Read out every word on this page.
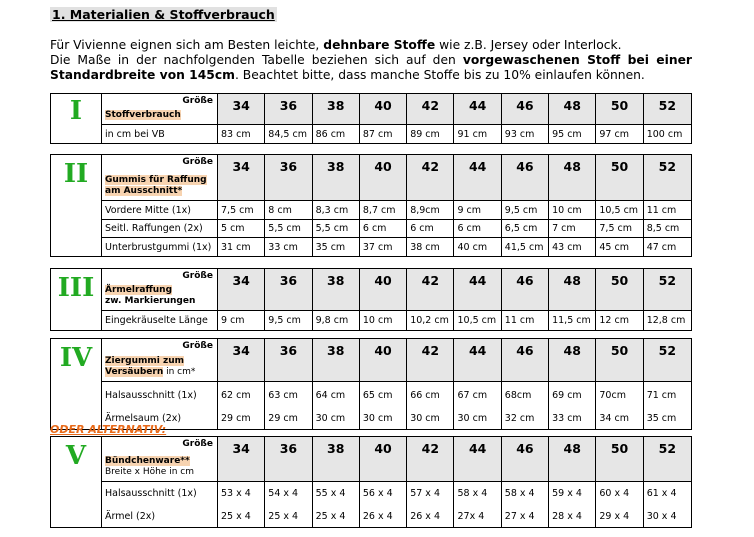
1. Materialien & Stoffverbrauch

Für Vivienne eignen sich am Besten leichte, dehnbare Stoffe wie z.B. Jersey oder Interlock.

Die Maße in der nachfolgenden Tabelle beziehen sich auf den vorgewaschenen Stoff bei einer Standardbreite von 145cm. Beachtet bitte, dass manche Stoffe bis zu 10% einlaufen können.

I	Größe
Stoffverbrauch
34	36	38	40	42	44	46	48	50	52
in cm bei VB	83 cm	84,5 cm 86 cm	87 cm	89 cm	91 cm	93 cm	95 cm	97 cm	100 cm
II	Größe
Gummis für Raffung am Ausschnitt*
34	36	38	40	42	44	46	48	50	52
Vordere Mitte (1x)	7,5 cm	8 cm	8,3 cm	8,7 cm	8,9cm	9 cm	9,5 cm	10 cm	10,5 cm 11 cm
Seitl. Raffungen (2x)	5 cm	5,5 cm	5,5 cm	6 cm	6 cm	6 cm	6,5 cm	7 cm	7,5 cm	8,5 cm
Unterbrustgummi (1x)	31 cm	33 cm	35 cm	37 cm	38 cm	40 cm	41,5 cm 43 cm	45 cm	47 cm
III	Größe
Ärmelraffung
zw. Markierungen
34	36	38	40	42	44	46	48	50	52
Eingekräuselte Länge	9 cm	9,5 cm	9,8 cm	10 cm	10,2 cm 10,5 cm 11 cm	11,5 cm 12 cm	12,8 cm
IV	Größe
Ziergummi zum Versäubern in cm*
34	36	38	40	42	44	46	48	50	52
Halsausschnitt (1x)	62 cm	63 cm	64 cm	65 cm	66 cm	67 cm	68cm	69 cm	70cm	71 cm
Ärmelsaum (2x)	29 cm	29 cm	30 cm	30 cm	30 cm	30 cm	32 cm	33 cm	34 cm	35 cm
V	Größe
Bündchenware**
Breite x Höhe in cm
34	36	38	40	42	44	46	48	50	52
Halsausschnitt (1x)	53 x 4	54 x 4	55 x 4	56 x 4	57 x 4	58 x 4	58 x 4	59 x 4	60 x 4	61 x 4
Ärmel (2x)	25 x 4	25 x 4	25 x 4	26 x 4	26 x 4	27x 4	27 x 4	28 x 4	29 x 4	30 x 4
ODER ALTERNATIV:
